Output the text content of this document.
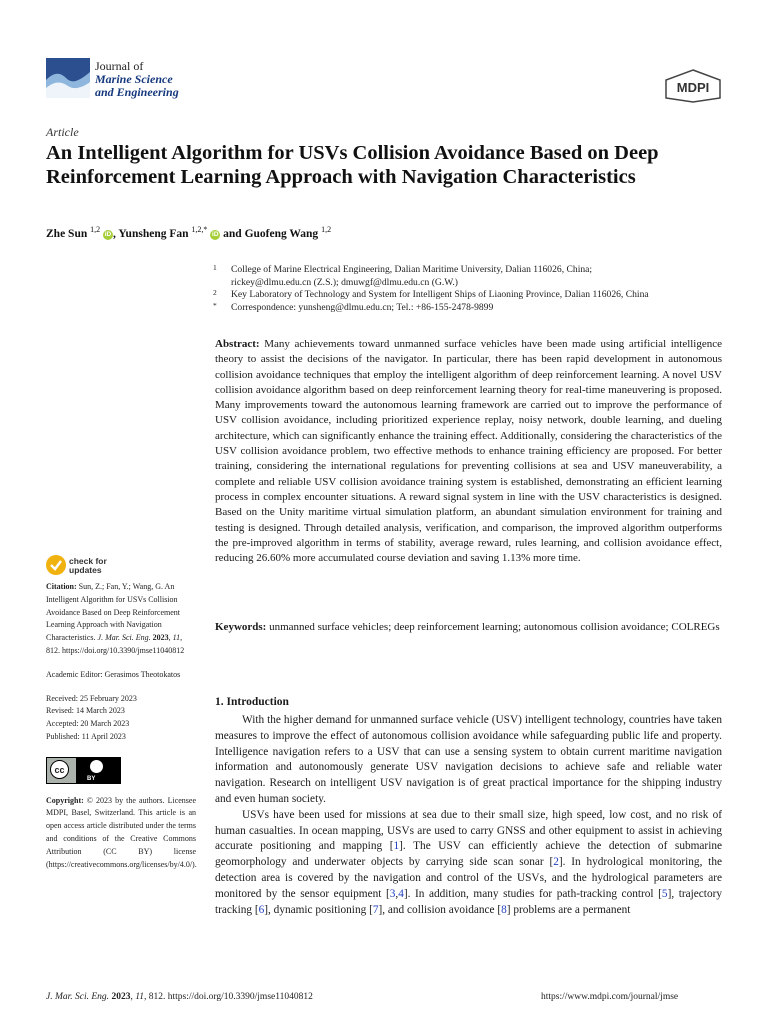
Journal of
Marine Science
and Engineering	MDPI
Article
An Intelligent Algorithm for USVs Collision Avoidance Based on Deep Reinforcement Learning Approach with Navigation Characteristics
Zhe Sun $^{1,2}$ iD , Yunsheng Fan $^{1,2,*}$ iD and Guofeng Wang $^{1,2}$
1 College of Marine Electrical Engineering, Dalian Maritime University, Dalian 116026, China;
rickey@dlmu.edu.cn (Z.S.); dmuwgf@dlmu.edu.cn (G.W.)
2 Key Laboratory of Technology and System for Intelligent Ships of Liaoning Province, Dalian 116026, China
* Correspondence: yunsheng@dlmu.edu.cn; Tel.: +86-155-2478-9899
Abstract: Many achievements toward unmanned surface vehicles have been made using artificial intelligence theory to assist the decisions of the navigator. In particular, there has been rapid development in autonomous collision avoidance techniques that employ the intelligent algorithm of deep reinforcement learning. A novel USV collision avoidance algorithm based on deep reinforcement learning theory for real-time maneuvering is proposed. Many improvements toward the autonomous learning framework are carried out to improve the performance of USV collision avoidance, including prioritized experience replay, noisy network, double learning, and dueling architecture, which can significantly enhance the training effect. Additionally, considering the characteristics of the USV collision avoidance problem, two effective methods to enhance training efficiency are proposed. For better training, considering the international regulations for preventing collisions at sea and USV maneuverability, a complete and reliable USV collision avoidance training system is established, demonstrating an efficient learning process in complex encounter situations. A reward signal system in line with the USV characteristics is designed. Based on the Unity maritime virtual simulation platform, an abundant simulation environment for training and testing is designed. Through detailed analysis, verification, and comparison, the improved algorithm outperforms the pre-improved algorithm in terms of stability, average reward, rules learning, and collision avoidance effect, reducing 26.60% more accumulated course deviation and saving 1.13% more time.
Keywords: unmanned surface vehicles; deep reinforcement learning; autonomous collision avoidance; COLREGs
1. Introduction

With the higher demand for unmanned surface vehicle (USV) intelligent technology, countries have taken measures to improve the effect of autonomous collision avoidance while safeguarding public life and property. Intelligence navigation refers to a USV that can use a sensing system to obtain current maritime navigation information and autonomously generate USV navigation decisions to achieve safe and reliable water navigation. Research on intelligent USV navigation is of great practical importance for the shipping industry and even human society.

USVs have been used for missions at sea due to their small size, high speed, low cost, and no risk of human casualties. In ocean mapping, USVs are used to carry GNSS and other equipment to assist in achieving accurate positioning and mapping [1]. The USV can efficiently achieve the detection of submarine geomorphology and underwater objects by carrying side scan sonar [2]. In hydrological monitoring, the detection area is covered by the navigation and control of the USVs, and the hydrological parameters are monitored by the sensor equipment [3,4]. In addition, many studies for path-tracking control [5], trajectory tracking [6], dynamic positioning [7], and collision avoidance [8] problems are a permanent

check for
updates
Citation: Sun, Z.; Fan, Y.; Wang, G. An Intelligent Algorithm for USVs Collision Avoidance Based on Deep Reinforcement Learning Approach with Navigation Characteristics. J. Mar. Sci. Eng. 2023, 11, 812. https://doi.org/10.3390/jmse11040812
Academic Editor: Gerasimos Theotokatos
Received: 25 February 2023
Revised: 14 March 2023
Accepted: 20 March 2023
Published: 11 April 2023
cc
BY
Copyright: © 2023 by the authors. Licensee MDPI, Basel, Switzerland. This article is an open access article distributed under the terms and conditions of the Creative Commons Attribution (CC BY) license (https://creativecommons.org/licenses/by/4.0/).
J. Mar. Sci. Eng. 2023, 11, 812. https://doi.org/10.3390/jmse11040812	https://www.mdpi.com/journal/jmse
